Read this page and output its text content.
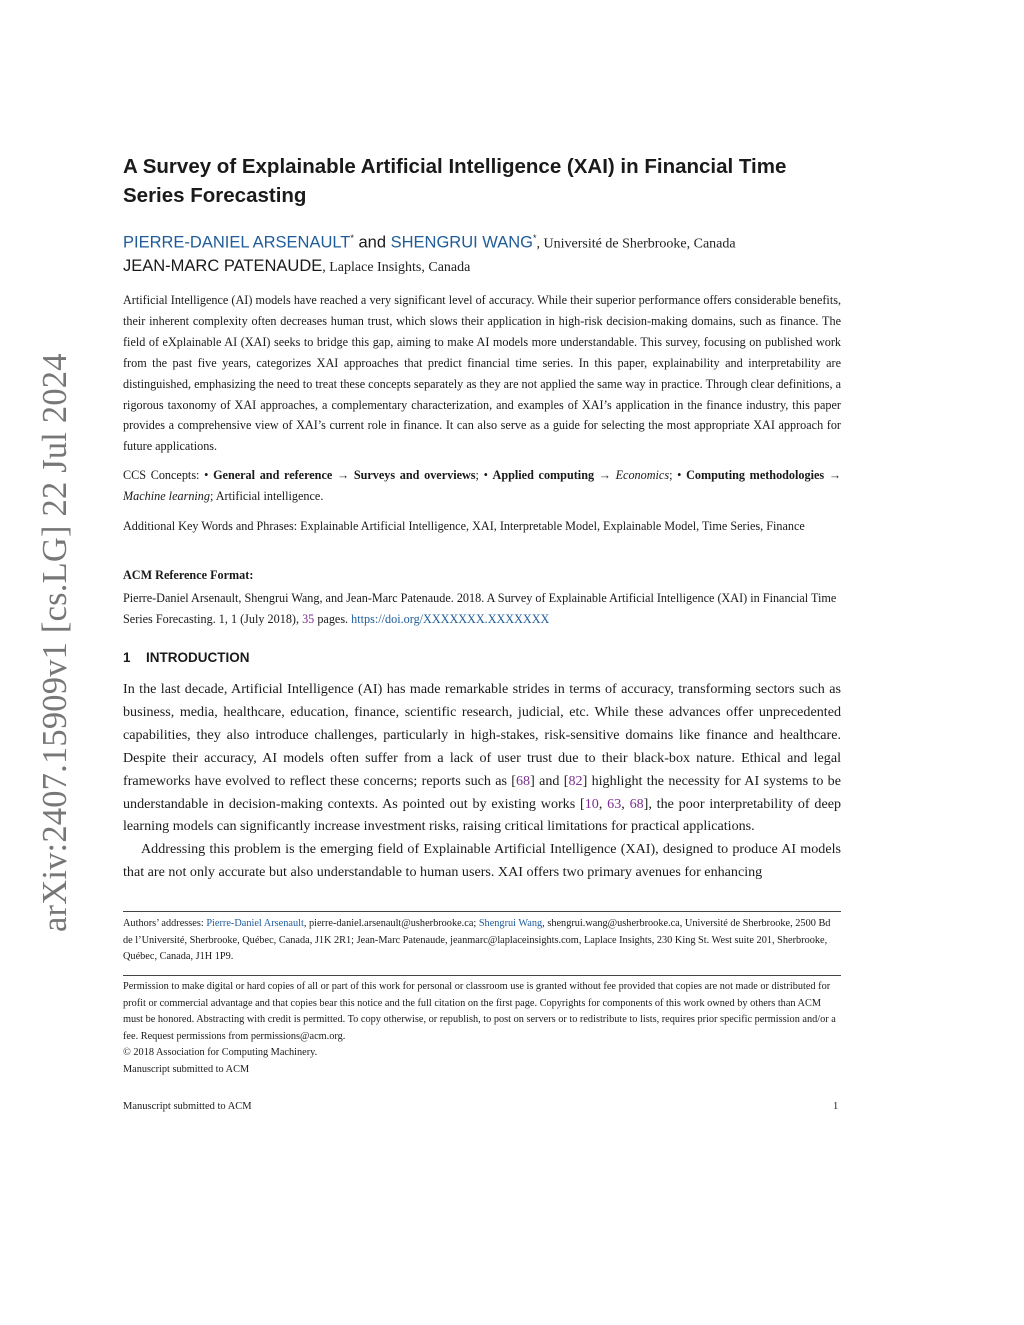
arXiv:2407.15909v1 [cs.LG] 22 Jul 2024
A Survey of Explainable Artificial Intelligence (XAI) in Financial Time Series Forecasting
PIERRE-DANIEL ARSENAULT* and SHENGRUI WANG*, Université de Sherbrooke, Canada
JEAN-MARC PATENAUDE, Laplace Insights, Canada
Artificial Intelligence (AI) models have reached a very significant level of accuracy. While their superior performance offers considerable benefits, their inherent complexity often decreases human trust, which slows their application in high-risk decision-making domains, such as finance. The field of eXplainable AI (XAI) seeks to bridge this gap, aiming to make AI models more understandable. This survey, focusing on published work from the past five years, categorizes XAI approaches that predict financial time series. In this paper, explainability and interpretability are distinguished, emphasizing the need to treat these concepts separately as they are not applied the same way in practice. Through clear definitions, a rigorous taxonomy of XAI approaches, a complementary characterization, and examples of XAI’s application in the finance industry, this paper provides a comprehensive view of XAI’s current role in finance. It can also serve as a guide for selecting the most appropriate XAI approach for future applications.
CCS Concepts: • General and reference → Surveys and overviews; • Applied computing → Economics; • Computing methodologies → Machine learning; Artificial intelligence.
Additional Key Words and Phrases: Explainable Artificial Intelligence, XAI, Interpretable Model, Explainable Model, Time Series, Finance
ACM Reference Format:
Pierre-Daniel Arsenault, Shengrui Wang, and Jean-Marc Patenaude. 2018. A Survey of Explainable Artificial Intelligence (XAI) in Financial Time Series Forecasting. 1, 1 (July 2018), 35 pages. https://doi.org/XXXXXXX.XXXXXXX
1 INTRODUCTION

In the last decade, Artificial Intelligence (AI) has made remarkable strides in terms of accuracy, transforming sectors such as business, media, healthcare, education, finance, scientific research, judicial, etc. While these advances offer unprecedented capabilities, they also introduce challenges, particularly in high-stakes, risk-sensitive domains like finance and healthcare. Despite their accuracy, AI models often suffer from a lack of user trust due to their black-box nature. Ethical and legal frameworks have evolved to reflect these concerns; reports such as [68] and [82] highlight the necessity for AI systems to be understandable in decision-making contexts. As pointed out by existing works [10, 63, 68], the poor interpretability of deep learning models can significantly increase investment risks, raising critical limitations for practical applications.

Addressing this problem is the emerging field of Explainable Artificial Intelligence (XAI), designed to produce AI models that are not only accurate but also understandable to human users. XAI offers two primary avenues for enhancing

Authors’ addresses: Pierre-Daniel Arsenault, pierre-daniel.arsenault@usherbrooke.ca; Shengrui Wang, shengrui.wang@usherbrooke.ca, Université de Sherbrooke, 2500 Bd de l’Université, Sherbrooke, Québec, Canada, J1K 2R1; Jean-Marc Patenaude, jeanmarc@laplaceinsights.com, Laplace Insights, 230 King St. West suite 201, Sherbrooke, Québec, Canada, J1H 1P9.

Permission to make digital or hard copies of all or part of this work for personal or classroom use is granted without fee provided that copies are not made or distributed for profit or commercial advantage and that copies bear this notice and the full citation on the first page. Copyrights for components of this work owned by others than ACM must be honored. Abstracting with credit is permitted. To copy otherwise, or republish, to post on servers or to redistribute to lists, requires prior specific permission and/or a fee. Request permissions from permissions@acm.org.

© 2018 Association for Computing Machinery.

Manuscript submitted to ACM

Manuscript submitted to ACM	1
